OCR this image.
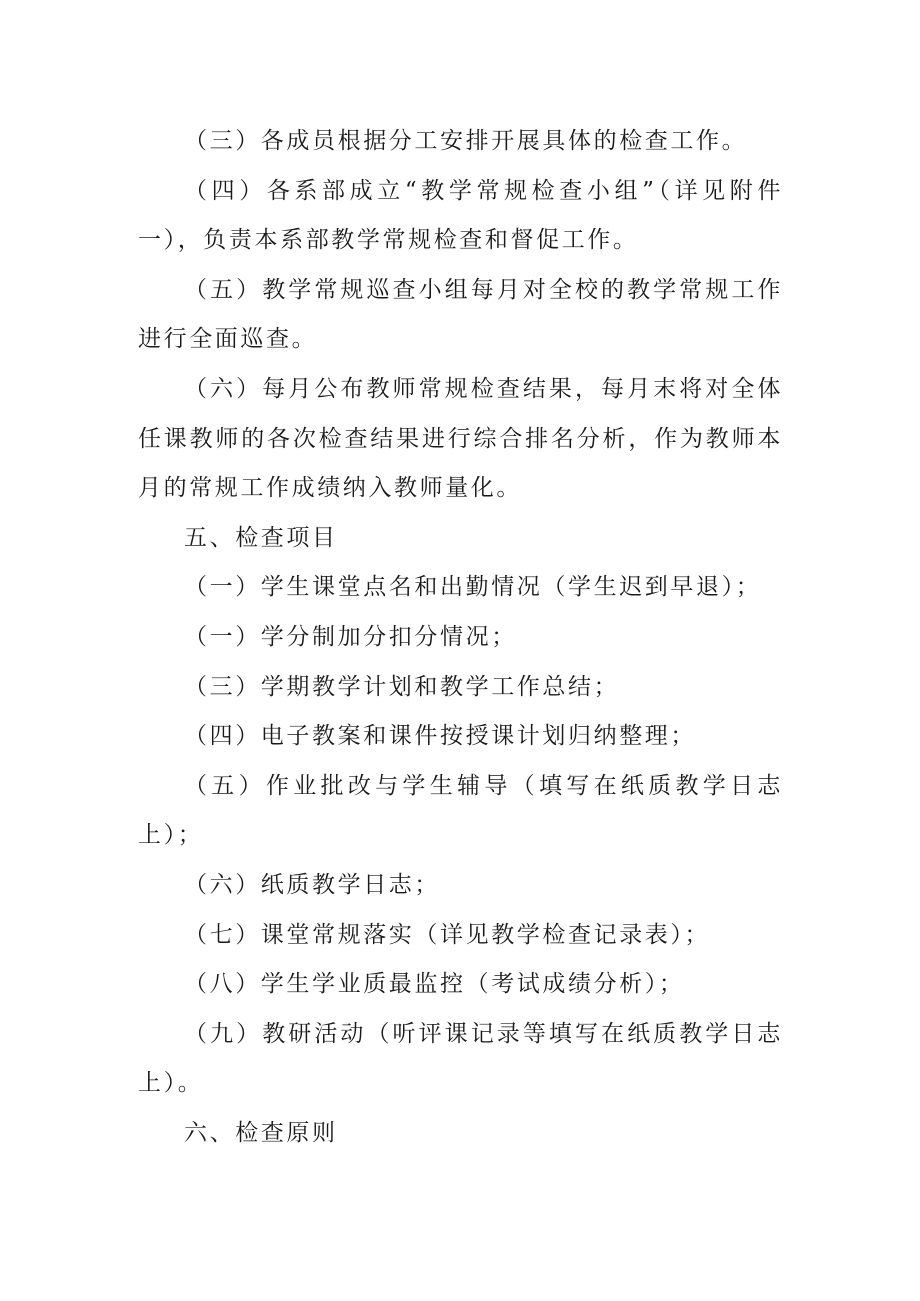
（三）各成员根据分工安排开展具体的检查工作。

（四）各系部成立“教学常规检查小组”（详见附件一），负责本系部教学常规检查和督促工作。

（五）教学常规巡查小组每月对全校的教学常规工作进行全面巡查。

（六）每月公布教师常规检查结果，每月末将对全体任课教师的各次检查结果进行综合排名分析，作为教师本月的常规工作成绩纳入教师量化。

五、检查项目

（一）学生课堂点名和出勤情况（学生迟到早退）；

（一）学分制加分扣分情况；

（三）学期教学计划和教学工作总结；

（四）电子教案和课件按授课计划归纳整理；

（五）作业批改与学生辅导（填写在纸质教学日志上）；

（六）纸质教学日志；

（七）课堂常规落实（详见教学检查记录表）；

（八）学生学业质最监控（考试成绩分析）；

（九）教研活动（听评课记录等填写在纸质教学日志上）。

六、检查原则
